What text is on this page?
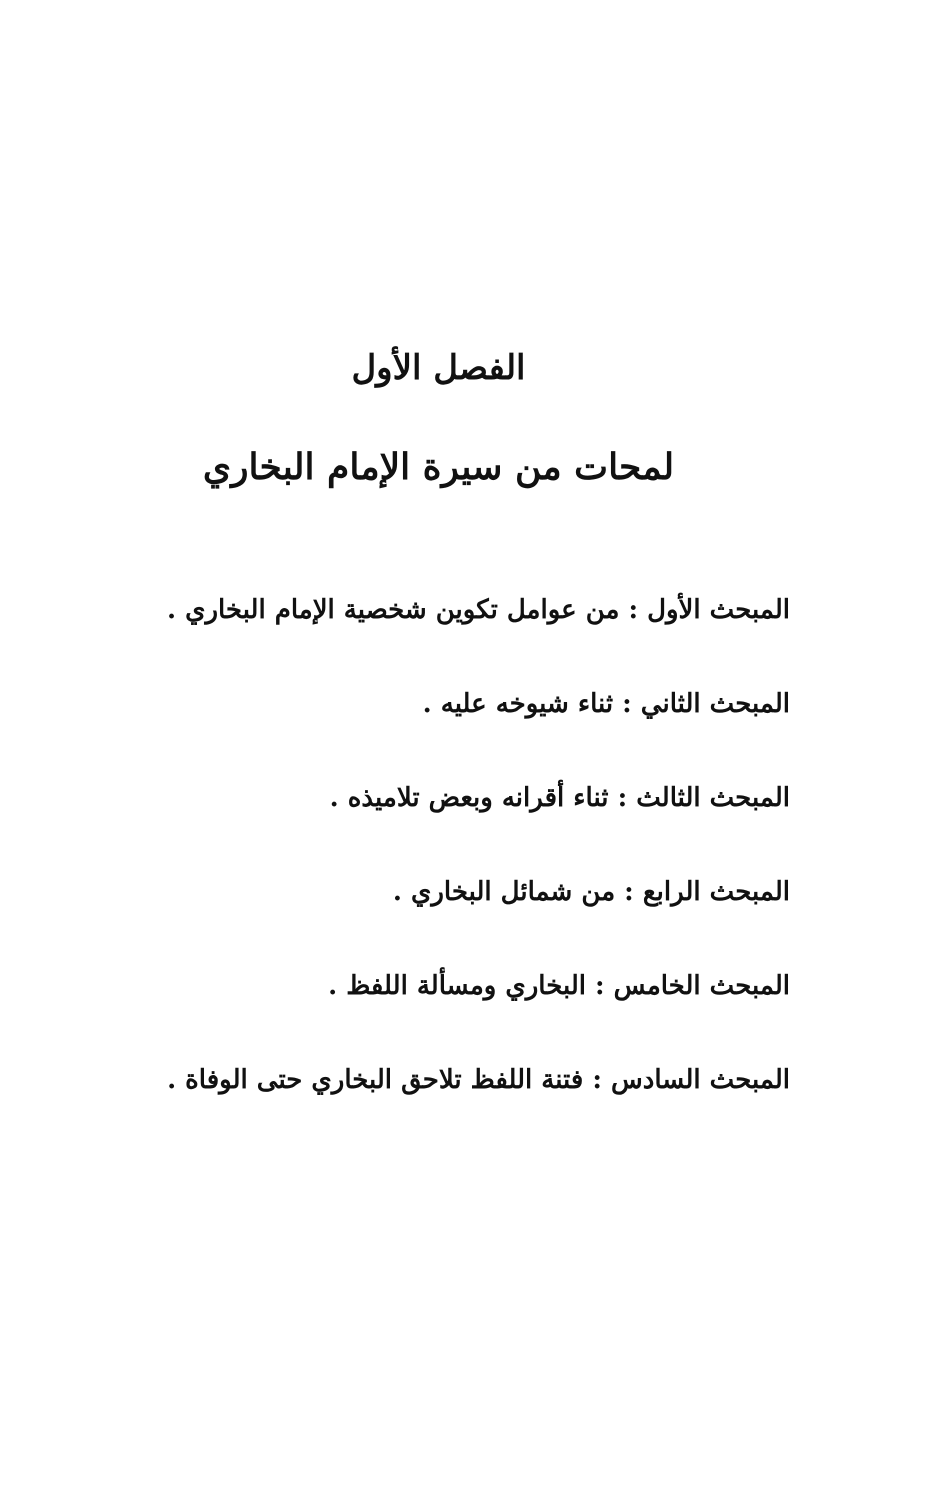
الفصل الأول
لمحات من سيرة الإمام البخاري
المبحث الأول : من عوامل تكوين شخصية الإمام البخاري .
المبحث الثاني : ثناء شيوخه عليه .
المبحث الثالث : ثناء أقرانه وبعض تلاميذه .
المبحث الرابع : من شمائل البخاري .
المبحث الخامس : البخاري ومسألة اللفظ .
المبحث السادس : فتنة اللفظ تلاحق البخاري حتى الوفاة .
